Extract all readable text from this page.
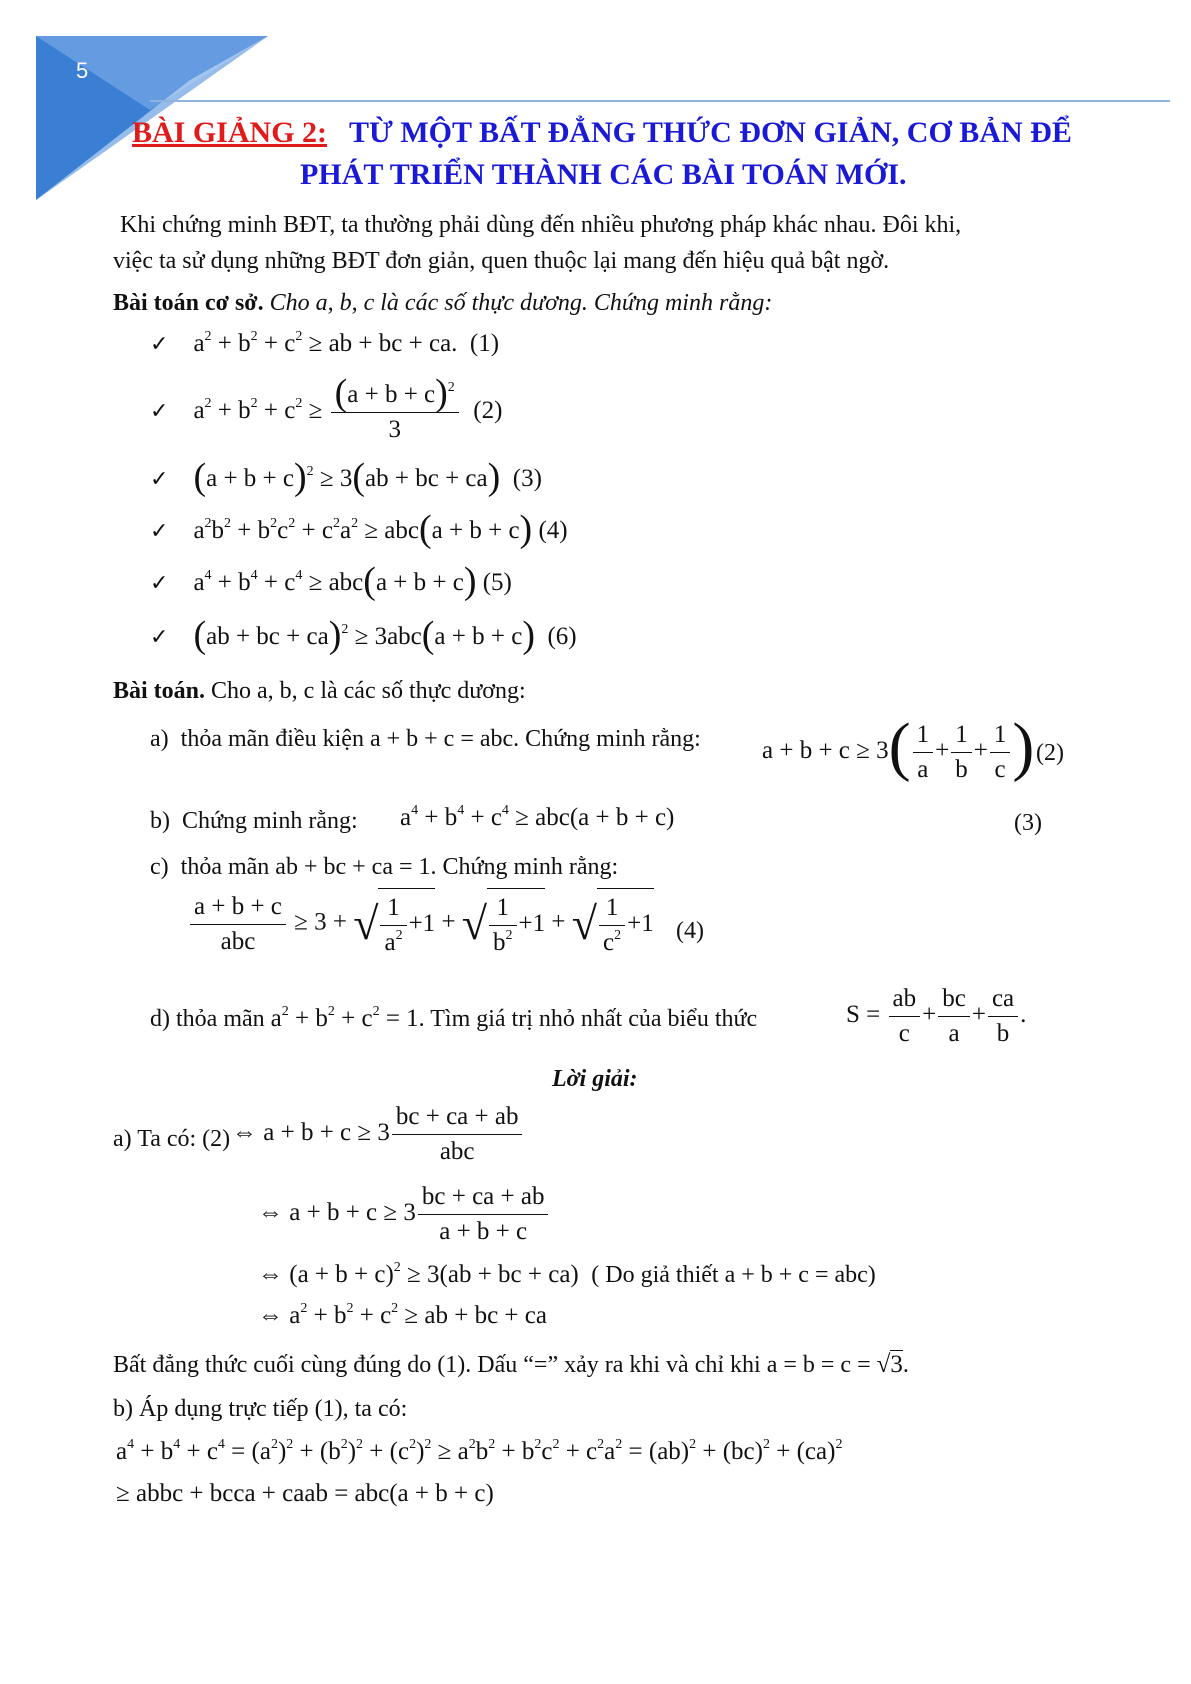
5
BÀI GIẢNG 2: TỪ MỘT BẤT ĐẲNG THỨC ĐƠN GIẢN, CƠ BẢN ĐỂ
PHÁT TRIỂN THÀNH CÁC BÀI TOÁN MỚI.
Khi chứng minh BĐT, ta thường phải dùng đến nhiều phương pháp khác nhau. Đôi khi,
việc ta sử dụng những BĐT đơn giản, quen thuộc lại mang đến hiệu quả bật ngờ.
Bài toán cơ sở. Cho a, b, c là các số thực dương. Chứng minh rằng:
✓    $a^2 + b^2 + c^2$ ≥ ab + bc + ca.  (1)
✓    $a^2 + b^2 + c^2 \ge \frac{(a + b + c)^2}{3} (2)$
✓ $(a + b + c)^2 \ge 3(ab$ + bc + ca) (3)
✓    $a^2b^2 + b^2c^2 + c^2a^2 \ge abc(a + b + c)$ (4)
✓    $a^4 + b^4 + c^4 \ge abc(a + b + c)$ (5)
✓ (ab + bc + ca)$^2$ ≥ 3abc(a + b + c) (6)
Bài toán. Cho a, b, c là các số thực dương:
a) thỏa mãn điều kiện a + b + c = abc. Chứng minh rằng: $a + b + c \ge 3( \frac{1}{a} + \frac{1}{b} + \frac{1}{c}$ ) (2)
b) Chứng minh rằng: $a^4 + b^4 + c^4 \ge abc(a + b + c)$	(3)
c) thỏa mãn ab + bc + ca = 1. Chứng minh rằng:
$\frac{a + b + c}{\text{abc}} \ge 3$ + √ $\frac{1}{a^2} +1$ + √ $\frac{1}{b^2} +1$ + √ $\frac{1}{c^2} +1$ (4)
d) thỏa mãn $a^2 + b^2 + c^2 = 1$. Tìm giá trị nhỏ nhất của biểu thức	$S = \frac{ab}{c} + \frac{bc}{a} + \frac{ca}{b}$ .
Lời giải:
a) Ta có: (2) ⇔ $a + b + c \ge 3 \frac{bc + ca + ab}{\text{abc}}$
⇔ $a + b + c \ge 3 \frac{bc + ca + ab}{a + b + c}$
⇔ $(a + b + c)^2 \ge 3(ab$ + bc + ca)  ( Do giả thiết a + b + c = abc)
⇔ $a^2 + b^2 + c^2$ ≥ ab + bc + ca
Bất đẳng thức cuối cùng đúng do (1). Dấu “=” xảy ra khi và chỉ khi a = b = c = √3.
b) Áp dụng trực tiếp (1), ta có:
$a^4 + b^4 + c^4 = (a^2)^2 + (b^2)^2 + (c^2)^2 \ge a^2b^2 + b^2c^2 + c^2a^2 = (ab)^2 + (bc)^2 + (ca)^2$
≥ abbc + bcca + caab = abc(a + b + c)
